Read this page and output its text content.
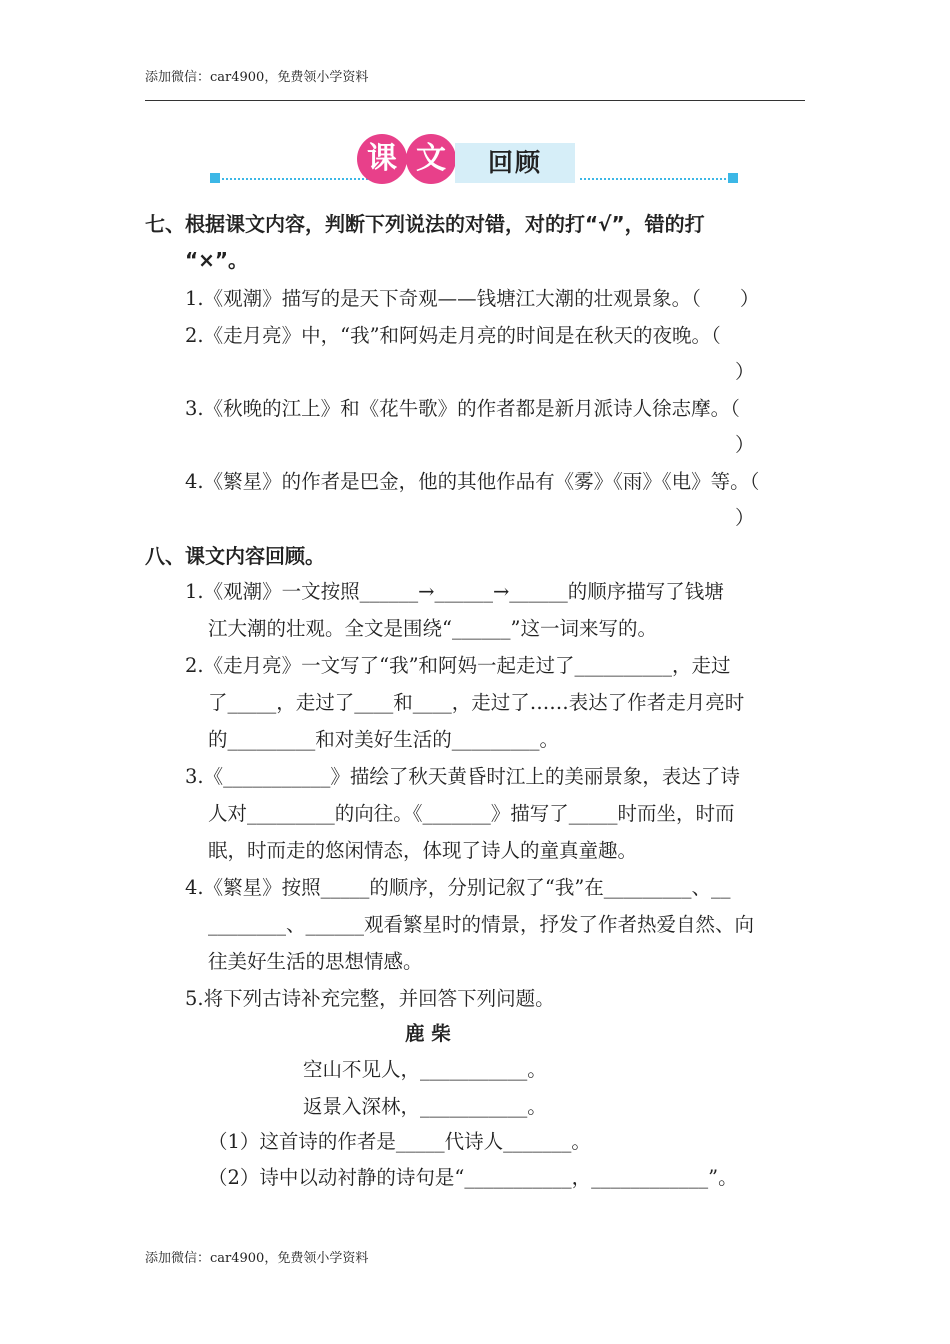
添加微信：car4900，免费领小学资料
课 文	回顾
七、根据课文内容，判断下列说法的对错，对的打“√”，错的打
“×”。
1.《观潮》描写的是天下奇观——钱塘江大潮的壮观景象。（　　）
2.《走月亮》中，“我”和阿妈走月亮的时间是在秋天的夜晚。（
）
3.《秋晚的江上》和《花牛歌》的作者都是新月派诗人徐志摩。（
）
4.《繁星》的作者是巴金，他的其他作品有《雾》《雨》《电》等。（
）
八、课文内容回顾。
1.《观潮》一文按照______→______→______的顺序描写了钱塘
江大潮的壮观。全文是围绕“______”这一词来写的。
2.《走月亮》一文写了“我”和阿妈一起走过了__________，走过
了_____，走过了____和____，走过了……表达了作者走月亮时
的_________和对美好生活的_________。
3.《___________》描绘了秋天黄昏时江上的美丽景象，表达了诗
人对_________的向往。《_______》描写了_____时而坐，时而
眠，时而走的悠闲情态，体现了诗人的童真童趣。
4.《繁星》按照_____的顺序，分别记叙了“我”在_________、__
________、______观看繁星时的情景，抒发了作者热爱自然、向
往美好生活的思想情感。
5.将下列古诗补充完整，并回答下列问题。
鹿 柴
空山不见人，___________。
返景入深林，___________。
（1）这首诗的作者是_____代诗人_______。
（2）诗中以动衬静的诗句是“___________，____________”。
添加微信：car4900，免费领小学资料
